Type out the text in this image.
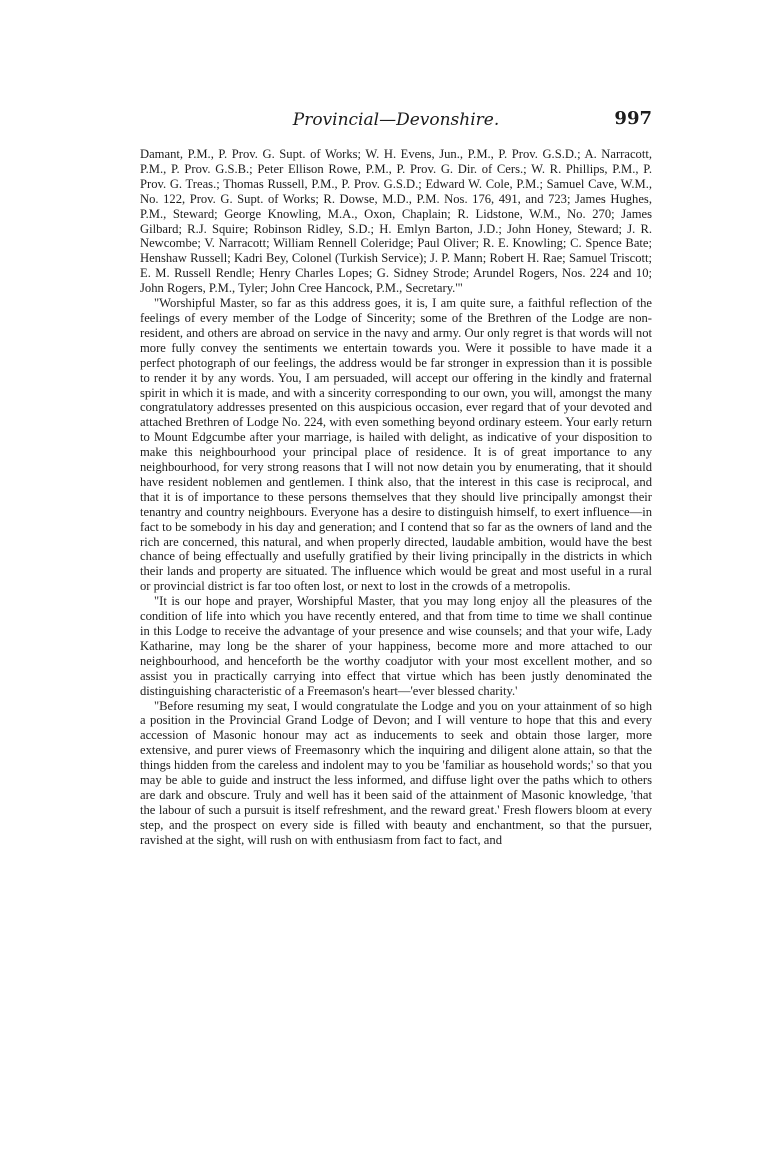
Provincial—Devonshire.	997

Damant, P.M., P. Prov. G. Supt. of Works; W. H. Evens, Jun., P.M., P. Prov. G.S.D.; A. Narracott, P.M., P. Prov. G.S.B.; Peter Ellison Rowe, P.M., P. Prov. G. Dir. of Cers.; W. R. Phillips, P.M., P. Prov. G. Treas.; Thomas Russell, P.M., P. Prov. G.S.D.; Edward W. Cole, P.M.; Samuel Cave, W.M., No. 122, Prov. G. Supt. of Works; R. Dowse, M.D., P.M. Nos. 176, 491, and 723; James Hughes, P.M., Steward; George Knowling, M.A., Oxon, Chaplain; R. Lidstone, W.M., No. 270; James Gilbard; R.J. Squire; Robinson Ridley, S.D.; H. Emlyn Barton, J.D.; John Honey, Steward; J. R. Newcombe; V. Narracott; William Rennell Coleridge; Paul Oliver; R. E. Knowling; C. Spence Bate; Henshaw Russell; Kadri Bey, Colonel (Turkish Service); J. P. Mann; Robert H. Rae; Samuel Triscott; E. M. Russell Rendle; Henry Charles Lopes; G. Sidney Strode; Arundel Rogers, Nos. 224 and 10; John Rogers, P.M., Tyler; John Cree Hancock, P.M., Secretary.'"

"Worshipful Master, so far as this address goes, it is, I am quite sure, a faithful reflection of the feelings of every member of the Lodge of Sincerity; some of the Brethren of the Lodge are non-resident, and others are abroad on service in the navy and army. Our only regret is that words will not more fully convey the sentiments we entertain towards you. Were it possible to have made it a perfect photograph of our feelings, the address would be far stronger in expression than it is possible to render it by any words. You, I am persuaded, will accept our offering in the kindly and fraternal spirit in which it is made, and with a sincerity corresponding to our own, you will, amongst the many congratulatory addresses presented on this auspicious occasion, ever regard that of your devoted and attached Brethren of Lodge No. 224, with even something beyond ordinary esteem. Your early return to Mount Edgcumbe after your marriage, is hailed with delight, as indicative of your disposition to make this neighbourhood your principal place of residence. It is of great importance to any neighbourhood, for very strong reasons that I will not now detain you by enumerating, that it should have resident noblemen and gentlemen. I think also, that the interest in this case is reciprocal, and that it is of importance to these persons themselves that they should live principally amongst their tenantry and country neighbours. Everyone has a desire to distinguish himself, to exert influence—in fact to be somebody in his day and generation; and I contend that so far as the owners of land and the rich are concerned, this natural, and when properly directed, laudable ambition, would have the best chance of being effectually and usefully gratified by their living principally in the districts in which their lands and property are situated. The influence which would be great and most useful in a rural or provincial district is far too often lost, or next to lost in the crowds of a metropolis.

"It is our hope and prayer, Worshipful Master, that you may long enjoy all the pleasures of the condition of life into which you have recently entered, and that from time to time we shall continue in this Lodge to receive the advantage of your presence and wise counsels; and that your wife, Lady Katharine, may long be the sharer of your happiness, become more and more attached to our neighbourhood, and henceforth be the worthy coadjutor with your most excellent mother, and so assist you in practically carrying into effect that virtue which has been justly denominated the distinguishing characteristic of a Freemason's heart—'ever blessed charity.'

"Before resuming my seat, I would congratulate the Lodge and you on your attainment of so high a position in the Provincial Grand Lodge of Devon; and I will venture to hope that this and every accession of Masonic honour may act as inducements to seek and obtain those larger, more extensive, and purer views of Freemasonry which the inquiring and diligent alone attain, so that the things hidden from the careless and indolent may to you be 'familiar as household words;' so that you may be able to guide and instruct the less informed, and diffuse light over the paths which to others are dark and obscure. Truly and well has it been said of the attainment of Masonic knowledge, 'that the labour of such a pursuit is itself refreshment, and the reward great.' Fresh flowers bloom at every step, and the prospect on every side is filled with beauty and enchantment, so that the pursuer, ravished at the sight, will rush on with enthusiasm from fact to fact, and
